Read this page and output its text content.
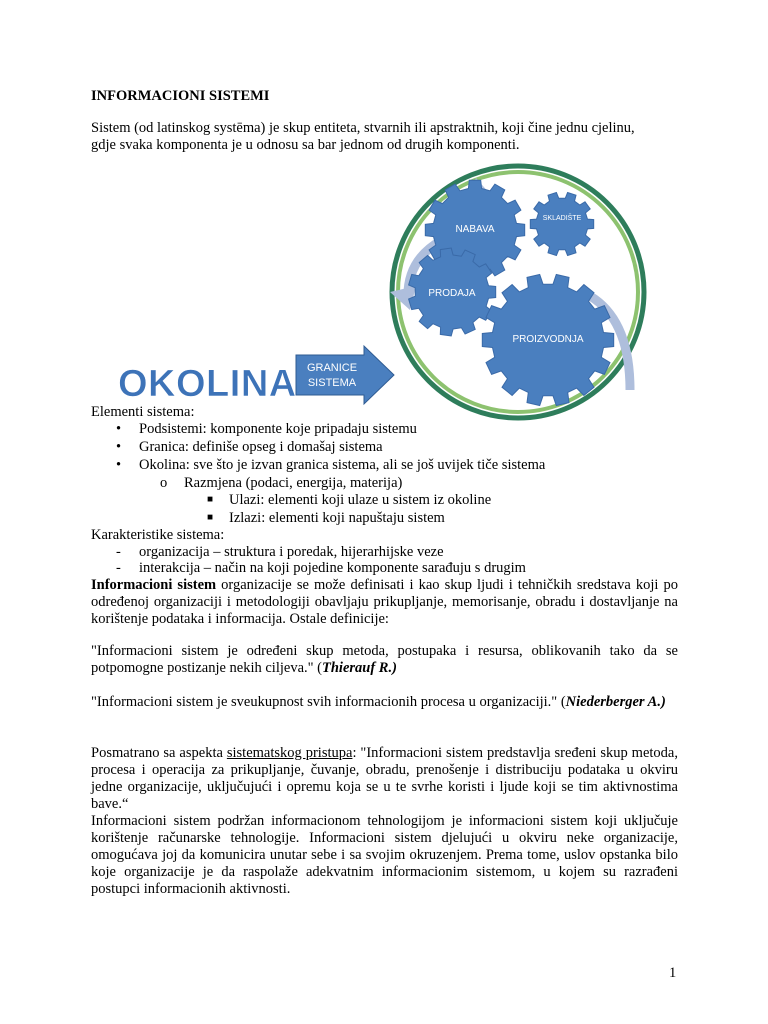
INFORMACIONI SISTEMI
Sistem (od latinskog systēma) je skup entiteta, stvarnih ili apstraktnih, koji čine jednu cjelinu,
gdje svaka komponenta je u odnosu sa bar jednom od drugih komponenti.
NABAVA
SKLADIŠTE
PRODAJA
PROIZVODNJA
GRANICE
SISTEMA
OKOLINA
Elementi sistema:
• Podsistemi: komponente koje pripadaju sistemu
• Granica: definiše opseg i domašaj sistema
• Okolina: sve što je izvan granica sistema, ali se još uvijek tiče sistema
o Razmjena (podaci, energija, materija)
■ Ulazi: elementi koji ulaze u sistem iz okoline
■ Izlazi: elementi koji napuštaju sistem
Karakteristike sistema:
- organizacija – struktura i poredak, hijerarhijske veze
- interakcija – način na koji pojedine komponente sarađuju s drugim
Informacioni sistem organizacije se može definisati i kao skup ljudi i tehničkih sredstava koji po određenoj organizaciji i metodologiji obavljaju prikupljanje, memorisanje, obradu i dostavljanje na korištenje podataka i informacija. Ostale definicije:
"Informacioni sistem je određeni skup metoda, postupaka i resursa, oblikovanih tako da se potpomogne postizanje nekih ciljeva." (Thierauf R.)
"Informacioni sistem je sveukupnost svih informacionih procesa u organizaciji." (Niederberger A.)
Posmatrano sa aspekta sistematskog pristupa: "Informacioni sistem predstavlja sređeni skup metoda, procesa i operacija za prikupljanje, čuvanje, obradu, prenošenje i distribuciju podataka u okviru jedne organizacije, uključujući i opremu koja se u te svrhe koristi i ljude koji se tim aktivnostima bave.“
Informacioni sistem podržan informacionom tehnologijom je informacioni sistem koji uključuje korištenje računarske tehnologije. Informacioni sistem djelujući u okviru neke organizacije, omogućava joj da komunicira unutar sebe i sa svojim okruzenjem. Prema tome, uslov opstanka bilo koje organizacije je da raspolaže adekvatnim informacionim sistemom, u kojem su razrađeni postupci informacionih aktivnosti.
1
